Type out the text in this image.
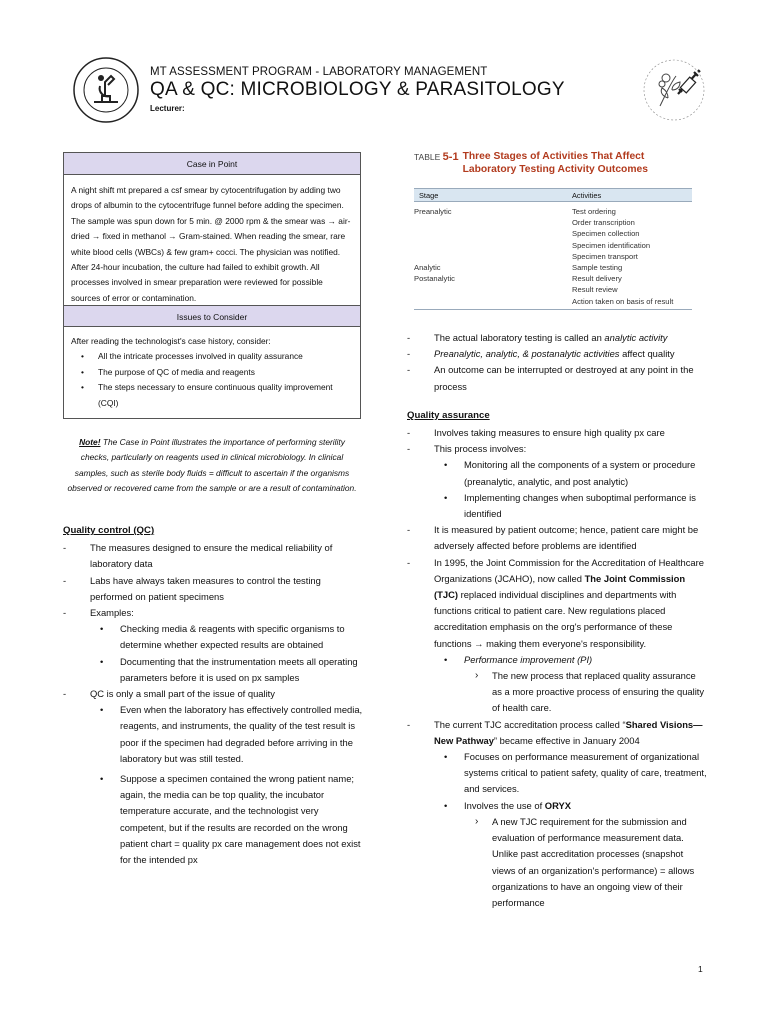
MT ASSESSMENT PROGRAM - LABORATORY MANAGEMENT
QA & QC: MICROBIOLOGY & PARASITOLOGY
Lecturer:
Case in Point
A night shift mt prepared a csf smear by cytocentrifugation by adding two drops of albumin to the cytocentrifuge funnel before adding the specimen. The sample was spun down for 5 min. @ 2000 rpm & the smear was → air-dried → fixed in methanol → Gram-stained. When reading the smear, rare white blood cells (WBCs) & few gram+ cocci. The physician was notified. After 24-hour incubation, the culture had failed to exhibit growth. All processes involved in smear preparation were reviewed for possible sources of error or contamination.
Issues to Consider
After reading the technologist's case history, consider:
• All the intricate processes involved in quality assurance
• The purpose of QC of media and reagents
• The steps necessary to ensure continuous quality improvement (CQI)
Note! The Case in Point illustrates the importance of performing sterility checks, particularly on reagents used in clinical microbiology. In clinical samples, such as sterile body fluids = difficult to ascertain if the organisms observed or recovered came from the sample or are a result of contamination.
Quality control (QC)
- The measures designed to ensure the medical reliability of laboratory data
- Labs have always taken measures to control the testing performed on patient specimens
- Examples:
• Checking media & reagents with specific organisms to determine whether expected results are obtained
• Documenting that the instrumentation meets all operating parameters before it is used on px samples
- QC is only a small part of the issue of quality
• Even when the laboratory has effectively controlled media, reagents, and instruments, the quality of the test result is poor if the specimen had degraded before arriving in the laboratory but was still tested.
• Suppose a specimen contained the wrong patient name; again, the media can be top quality, the incubator temperature accurate, and the technologist very competent, but if the results are recorded on the wrong patient chart = quality px care management does not exist for the intended px
TABLE 5-1 Three Stages of Activities That Affect Laboratory Testing Activity Outcomes
Stage	Activities
Preanalytic	Test ordering
Order transcription
Specimen collection
Specimen identification
Specimen transport
Analytic	Sample testing
Postanalytic	Result delivery
Result review
Action taken on basis of result
- The actual laboratory testing is called an analytic activity
- Preanalytic, analytic, & postanalytic activities affect quality
- An outcome can be interrupted or destroyed at any point in the process
Quality assurance
- Involves taking measures to ensure high quality px care
- This process involves:
• Monitoring all the components of a system or procedure (preanalytic, analytic, and post analytic)
• Implementing changes when suboptimal performance is identified
- It is measured by patient outcome; hence, patient care might be adversely affected before problems are identified
- In 1995, the Joint Commission for the Accreditation of Healthcare Organizations (JCAHO), now called The Joint Commission (TJC) replaced individual disciplines and departments with functions critical to patient care. New regulations placed accreditation emphasis on the org's performance of these functions → making them everyone's responsibility.
• Performance improvement (PI)
› The new process that replaced quality assurance as a more proactive process of ensuring the quality of health care.
- The current TJC accreditation process called “Shared Visions—New Pathway” became effective in January 2004
• Focuses on performance measurement of organizational systems critical to patient safety, quality of care, treatment, and services.
• Involves the use of ORYX
› A new TJC requirement for the submission and evaluation of performance measurement data. Unlike past accreditation processes (snapshot views of an organization's performance) = allows organizations to have an ongoing view of their performance
1
